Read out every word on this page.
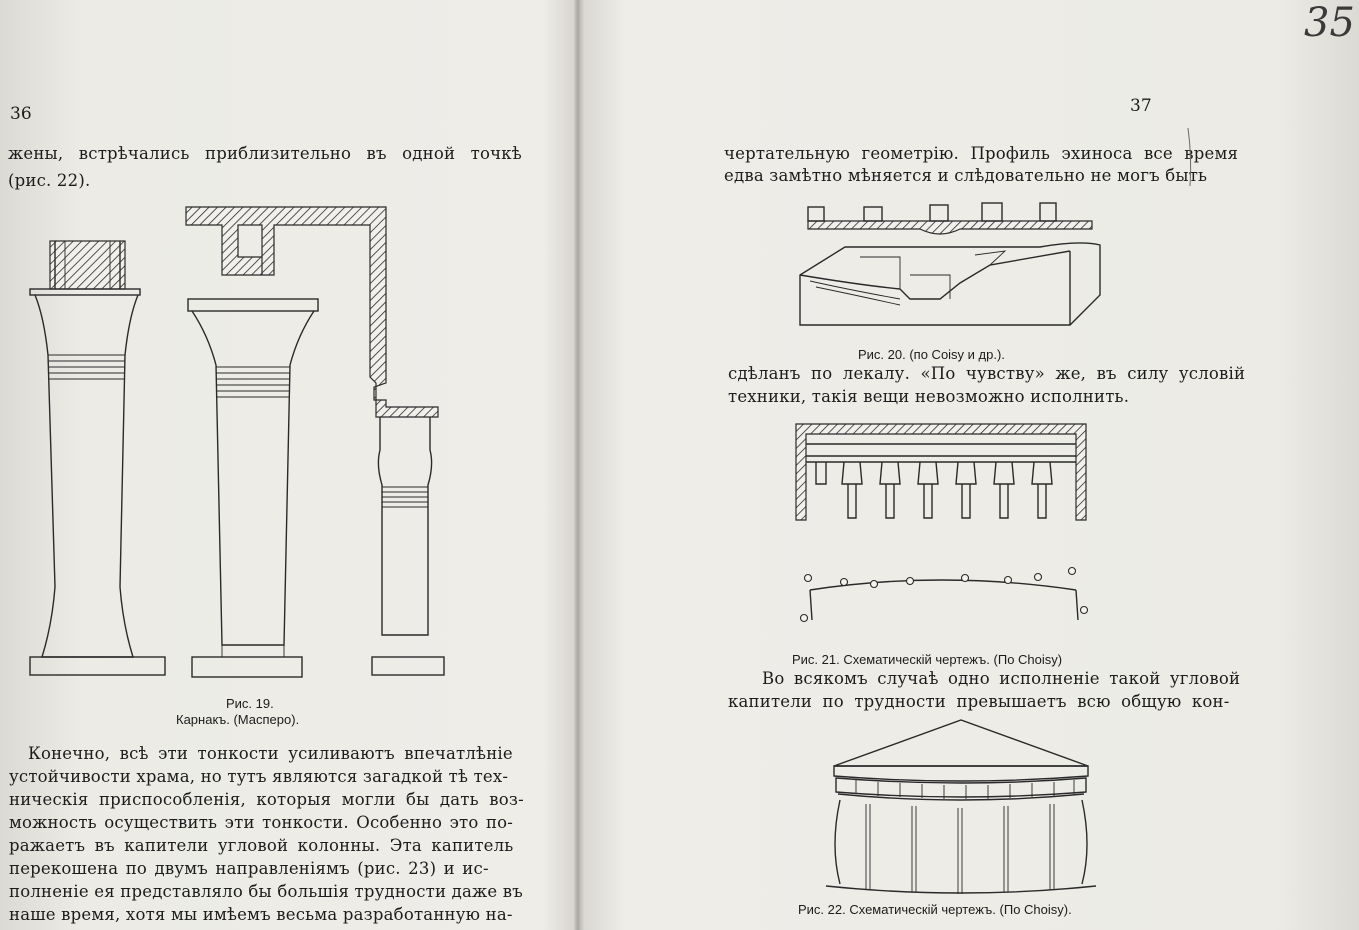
36
жены, встрѣчались приблизительно въ одной точкѣ
(рис. 22).
Рис. 19.
Карнакъ. (Масперо).
Конечно, всѣ эти тонкости усиливаютъ впечатлѣніе
устойчивости храма, но тутъ являются загадкой тѣ тех-
ническія приспособленія, которыя могли бы дать воз-
можность осуществить эти тонкости. Особенно это по-
ражаетъ въ капители угловой колонны. Эта капитель
перекошена по двумъ направленіямъ (рис. 23) и ис-
полненіе ея представляло бы большія трудности даже въ
наше время, хотя мы имѣемъ весьма разработанную на-
35
37
чертательную геометрію. Профиль эхиноса все время
едва замѣтно мѣняется и слѣдовательно не могъ быть
Рис. 20. (по Coisy и др.).
сдѣланъ по лекалу. «По чувству» же, въ силу условій
техники, такія вещи невозможно исполнить.
Рис. 21. Схематическій чертежъ. (По Choisy)
Во всякомъ случаѣ одно исполненіе такой угловой
капители по трудности превышаетъ всю общую кон-
Рис. 22. Схематическій чертежъ. (По Choisy).
